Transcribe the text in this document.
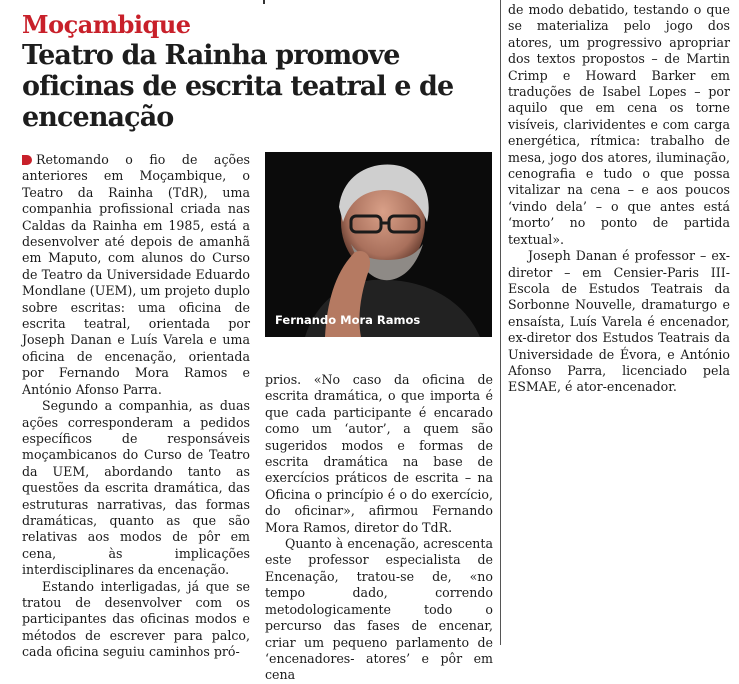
Moçambique
Teatro da Rainha promove oficinas de escrita teatral e de encenação

Retomando o fio de ações anteriores em Moçambique, o Teatro da Rainha (TdR), uma companhia profissional criada nas Caldas da Rainha em 1985, está a desenvolver até depois de amanhã em Maputo, com alunos do Curso de Teatro da Universidade Eduardo Mondlane (UEM), um projeto duplo sobre escritas: uma oficina de escrita teatral, orientada por Joseph Danan e Luís Varela e uma oficina de encenação, orientada por Fernando Mora Ramos e António Afonso Parra.

Segundo a companhia, as duas ações corresponderam a pedidos específicos de responsáveis moçambicanos do Curso de Teatro da UEM, abordando tanto as questões da escrita dramática, das estruturas narrativas, das formas dramáticas, quanto as que são relativas aos modos de pôr em cena, às implicações interdisciplinares da encenação.

Estando interligadas, já que se tratou de desenvolver com os participantes das oficinas modos e métodos de escrever para palco, cada oficina seguiu caminhos pró-

Fernando Mora Ramos

prios. «No caso da oficina de escrita dramática, o que importa é que cada participante é encarado como um ‘autor’, a quem são sugeridos modos e formas de escrita dramática na base de exercícios práticos de escrita – na Oficina o princípio é o do exercício, do oficinar», afirmou Fernando Mora Ramos, diretor do TdR.

Quanto à encenação, acrescenta este professor especialista de Encenação, tratou-se de, «no tempo dado, correndo metodologicamente todo o percurso das fases de encenar, criar um pequeno parlamento de ‘encenadores- atores’ e pôr em cena

de modo debatido, testando o que se materializa pelo jogo dos atores, um progressivo apropriar dos textos propostos – de Martin Crimp e Howard Barker em traduções de Isabel Lopes – por aquilo que em cena os torne visíveis, clarividentes e com carga energética, rítmica: trabalho de mesa, jogo dos atores, iluminação, cenografia e tudo o que possa vitalizar na cena – e aos poucos ‘vindo dela’ – o que antes está ‘morto’ no ponto de partida textual».

Joseph Danan é professor – ex-diretor – em Censier-Paris III- Escola de Estudos Teatrais da Sorbonne Nouvelle, dramaturgo e ensaísta, Luís Varela é encenador, ex-diretor dos Estudos Teatrais da Universidade de Évora, e António Afonso Parra, licenciado pela ESMAE, é ator-encenador.
